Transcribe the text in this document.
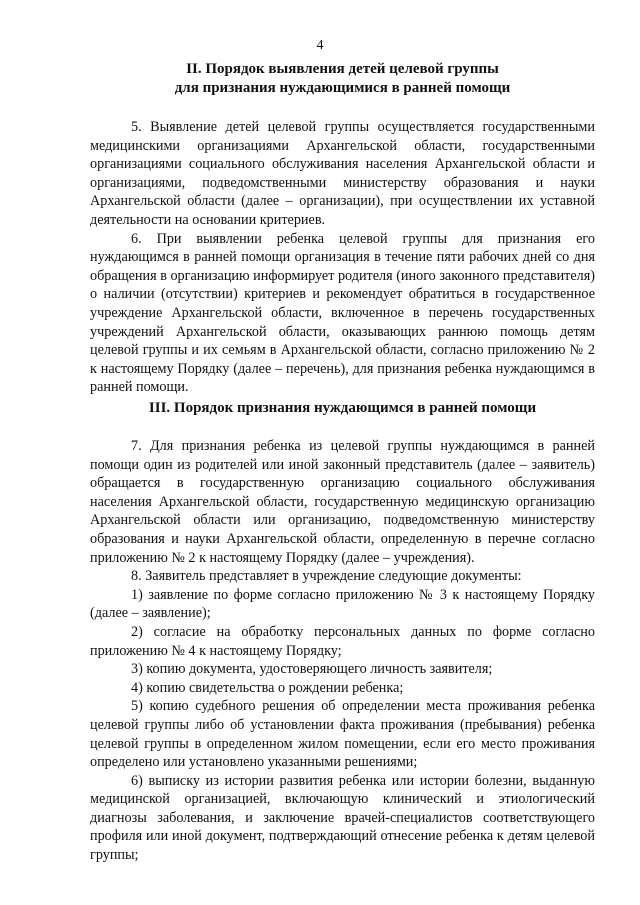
4
II. Порядок выявления детей целевой группы
для признания нуждающимися в ранней помощи

5. Выявление детей целевой группы осуществляется государственными медицинскими организациями Архангельской области, государственными организациями социального обслуживания населения Архангельской области и организациями, подведомственными министерству образования и науки Архангельской области (далее – организации), при осуществлении их уставной деятельности на основании критериев.

6. При выявлении ребенка целевой группы для признания его нуждающимся в ранней помощи организация в течение пяти рабочих дней со дня обращения в организацию информирует родителя (иного законного представителя) о наличии (отсутствии) критериев и рекомендует обратиться в государственное учреждение Архангельской области, включенное в перечень государственных учреждений Архангельской области, оказывающих раннюю помощь детям целевой группы и их семьям в Архангельской области, согласно приложению № 2 к настоящему Порядку (далее – перечень), для признания ребенка нуждающимся в ранней помощи.

III. Порядок признания нуждающимся в ранней помощи

7. Для признания ребенка из целевой группы нуждающимся в ранней помощи один из родителей или иной законный представитель (далее – заявитель) обращается в государственную организацию социального обслуживания населения Архангельской области, государственную медицинскую организацию Архангельской области или организацию, подведомственную министерству образования и науки Архангельской области, определенную в перечне согласно приложению № 2 к настоящему Порядку (далее – учреждения).

8. Заявитель представляет в учреждение следующие документы:

1) заявление по форме согласно приложению № 3 к настоящему Порядку (далее – заявление);

2) согласие на обработку персональных данных по форме согласно приложению № 4 к настоящему Порядку;

3) копию документа, удостоверяющего личность заявителя;

4) копию свидетельства о рождении ребенка;

5) копию судебного решения об определении места проживания ребенка целевой группы либо об установлении факта проживания (пребывания) ребенка целевой группы в определенном жилом помещении, если его место проживания определено или установлено указанными решениями;

6) выписку из истории развития ребенка или истории болезни, выданную медицинской организацией, включающую клинический и этиологический диагнозы заболевания, и заключение врачей-специалистов соответствующего профиля или иной документ, подтверждающий отнесение ребенка к детям целевой группы;
